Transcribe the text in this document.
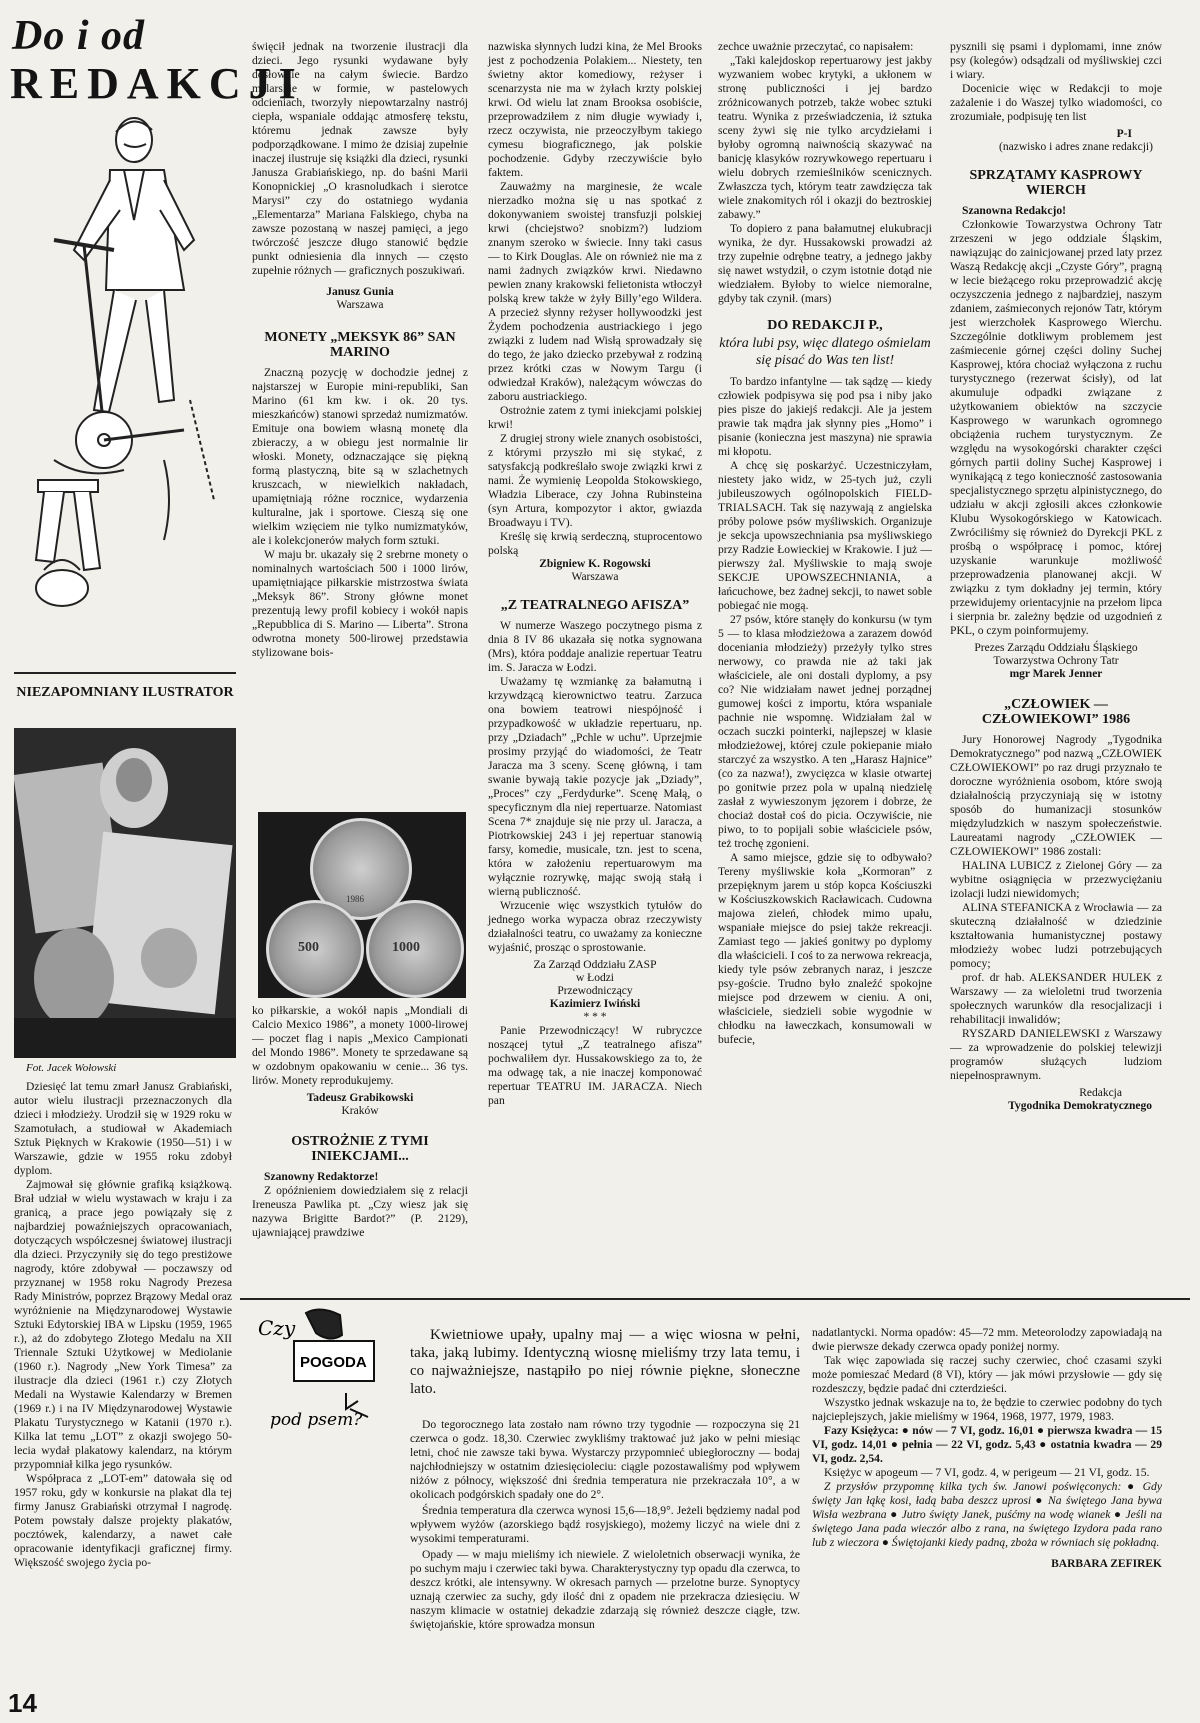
Do i od
REDAKCJI
NIEZAPOMNIANY ILUSTRATOR
Fot. Jacek Wołowski

Dziesięć lat temu zmarł Janusz Grabiański, autor wielu ilustracji przeznaczonych dla dzieci i młodzieży. Urodził się w 1929 roku w Szamotułach, a studiował w Akademiach Sztuk Pięknych w Krakowie (1950—51) i w Warszawie, gdzie w 1955 roku zdobył dyplom.

Zajmował się głównie grafiką książkową. Brał udział w wielu wystawach w kraju i za granicą, a prace jego powiązały się z najbardziej powaźniejszych opracowaniach, dotyczących współczesnej światowej ilustracji dla dzieci. Przyczyniły się do tego prestiżowe nagrody, które zdobywał — poczawszy od przyznanej w 1958 roku Nagrody Prezesa Rady Ministrów, poprzez Brązowy Medal oraz wyróżnienie na Międzynarodowej Wystawie Sztuki Edytorskiej IBA w Lipsku (1959, 1965 r.), aż do zdobytego Złotego Medalu na XII Triennale Sztuki Użytkowej w Mediolanie (1960 r.). Nagrody „New York Timesa” za ilustracje dla dzieci (1961 r.) czy Złotych Medali na Wystawie Kalendarzy w Bremen (1969 r.) i na IV Międzynarodowej Wystawie Plakatu Turystycznego w Katanii (1970 r.). Kilka lat temu „LOT” z okazji swojego 50-lecia wydał plakatowy kalendarz, na którym przypomniał kilka jego rysunków.

Współpraca z „LOT-em” datowała się od 1957 roku, gdy w konkursie na plakat dla tej firmy Janusz Grabiański otrzymał I nagrodę. Potem powstały dalsze projekty plakatów, pocztówek, kalendarzy, a nawet całe opracowanie identyfikacji graficznej firmy. Większość swojego życia po-

14

święcił jednak na tworzenie ilustracji dla dzieci. Jego rysunki wydawane były dosłownie na całym świecie. Bardzo malarskie w formie, w pastelowych odcieniach, tworzyły niepowtarzalny nastrój ciepła, wspaniale oddając atmosferę tekstu, któremu jednak zawsze były podporządkowane. I mimo że dzisiaj zupełnie inaczej ilustruje się książki dla dzieci, rysunki Janusza Grabiańskiego, np. do baśni Marii Konopnickiej „O krasnoludkach i sierotce Marysi” czy do ostatniego wydania „Elementarza” Mariana Falskiego, chyba na zawsze pozostaną w naszej pamięci, a jego twórczość jeszcze długo stanowić będzie punkt odniesienia dla innych — często zupełnie różnych — graficznych poszukiwań.

Janusz Gunia
Warszawa
MONETY „MEKSYK 86” SAN MARINO

Znaczną pozycję w dochodzie jednej z najstarszej w Europie mini-republiki, San Marino (61 km kw. i ok. 20 tys. mieszkańców) stanowi sprzedaż numizmatów. Emituje ona bowiem własną monetę dla zbieraczy, a w obiegu jest normalnie lir włoski. Monety, odznaczające się piękną formą plastyczną, bite są w szlachetnych kruszcach, w niewielkich nakładach, upamiętniają różne rocznice, wydarzenia kulturalne, jak i sportowe. Cieszą się one wielkim wzięciem nie tylko numizmatyków, ale i kolekcjonerów małych form sztuki.

W maju br. ukazały się 2 srebrne monety o nominalnych wartościach 500 i 1000 lirów, upamiętniające piłkarskie mistrzostwa świata „Meksyk 86”. Strony główne monet prezentują lewy profil kobiecy i wokół napis „Repubblica di S. Marino — Liberta”. Strona odwrotna monety 500-lirowej przedstawia stylizowane bois-

1986
500	1000

ko piłkarskie, a wokół napis „Mondiali di Calcio Mexico 1986”, a monety 1000-lirowej — poczet flag i napis „Mexico Campionati del Mondo 1986”. Monety te sprzedawane są w ozdobnym opakowaniu w cenie... 36 tys. lirów. Monety reprodukujemy.

Tadeusz Grabikowski
Kraków
OSTROŻNIE Z TYMI INIEKCJAMI...
Szanowny Redaktorze!

Z opóźnieniem dowiedziałem się z relacji Ireneusza Pawlika pt. „Czy wiesz jak się nazywa Brigitte Bardot?” (P. 2129), ujawniającej prawdziwe

nazwiska słynnych ludzi kina, że Mel Brooks jest z pochodzenia Polakiem... Niestety, ten świetny aktor komediowy, reżyser i scenarzysta nie ma w żyłach krzty polskiej krwi. Od wielu lat znam Brooksa osobiście, przeprowadziłem z nim długie wywiady i, rzecz oczywista, nie przeoczyłbym takiego cymesu biograficznego, jak polskie pochodzenie. Gdyby rzeczywiście było faktem.

Zauważmy na marginesie, że wcale nierzadko można się u nas spotkać z dokonywaniem swoistej transfuzji polskiej krwi (chciejstwo? snobizm?) ludziom znanym szeroko w świecie. Inny taki casus — to Kirk Douglas. Ale on również nie ma z nami żadnych związków krwi. Niedawno pewien znany krakowski felietonista wtłoczył polską krew także w żyły Billy’ego Wildera. A przecież słynny reżyser hollywoodzki jest Żydem pochodzenia austriackiego i jego związki z ludem nad Wisłą sprowadzały się do tego, że jako dziecko przebywał z rodziną przez krótki czas w Nowym Targu (i odwiedzał Kraków), należącym wówczas do zaboru austriackiego.

Ostrożnie zatem z tymi iniekcjami polskiej krwi!

Z drugiej strony wiele znanych osobistości, z którymi przyszło mi się stykać, z satysfakcją podkreślało swoje związki krwi z nami. Że wymienię Leopolda Stokowskiego, Władzia Liberace, czy Johna Rubinsteina (syn Artura, kompozytor i aktor, gwiazda Broadwayu i TV).

Kreślę się krwią serdeczną, stuprocentowo polską

Zbigniew K. Rogowski
Warszawa
„Z TEATRALNEGO AFISZA”

W numerze Waszego poczytnego pisma z dnia 8 IV 86 ukazała się notka sygnowana (Mrs), która poddaje analizie repertuar Teatru im. S. Jaracza w Łodzi.

Uważamy tę wzmiankę za bałamutną i krzywdzącą kierownictwo teatru. Zarzuca ona bowiem teatrowi niespójność i przypadkowość w układzie repertuaru, np. przy „Dziadach” „Pchle w uchu”. Uprzejmie prosimy przyjąć do wiadomości, że Teatr Jaracza ma 3 sceny. Scenę główną, i tam swanie bywają takie pozycje jak „Dziady”, „Proces” czy „Ferdydurke”. Scenę Małą, o specyficznym dla niej repertuarze. Natomiast Scena 7* znajduje się nie przy ul. Jaracza, a Piotrkowskiej 243 i jej repertuar stanowią farsy, komedie, musicale, tzn. jest to scena, która w założeniu repertuarowym ma wyłącznie rozrywkę, mając swoją stałą i wierną publiczność.

Wrzucenie więc wszystkich tytułów do jednego worka wypacza obraz rzeczywisty działalności teatru, co uważamy za konieczne wyjaśnić, prosząc o sprostowanie.

Za Zarząd Oddziału ZASP
w Łodzi
Przewodniczący
Kazimierz Iwiński
* * *

Panie Przewodniczący! W rubryczce noszącej tytuł „Z teatralnego afisza” pochwaliłem dyr. Hussakowskiego za to, że ma odwagę tak, a nie inaczej komponować repertuar TEATRU IM. JARACZA. Niech pan

zechce uważnie przeczytać, co napisałem:

„Taki kalejdoskop repertuarowy jest jakby wyzwaniem wobec krytyki, a ukłonem w stronę publiczności i jej bardzo zróżnicowanych potrzeb, także wobec sztuki teatru. Wynika z przeświadczenia, iż sztuka sceny żywi się nie tylko arcydziełami i byłoby ogromną naiwnością skazywać na banicję klasyków rozrywkowego repertuaru i wielu dobrych rzemieślników scenicznych. Zwłaszcza tych, którym teatr zawdzięcza tak wiele znakomitych ról i okazji do beztroskiej zabawy.”

To dopiero z pana bałamutnej elukubracji wynika, że dyr. Hussakowski prowadzi aż trzy zupełnie odrębne teatry, a jednego jakby się nawet wstydził, o czym istotnie dotąd nie wiedziałem. Byłoby to wielce niemoralne, gdyby tak czynił. (mars)

DO REDAKCJI P.,
która lubi psy, więc dlatego ośmielam się pisać do Was ten list!

To bardzo infantylne — tak sądzę — kiedy człowiek podpisywa się pod psa i niby jako pies pisze do jakiejś redakcji. Ale ja jestem prawie tak mądra jak słynny pies „Homo” i pisanie (konieczna jest maszyna) nie sprawia mi kłopotu.

A chcę się poskarżyć. Uczestniczyłam, niestety jako widz, w 25-tych już, czyli jubileuszowych ogólnopolskich FIELD-TRIALSACH. Tak się nazywają z angielska próby polowe psów myśliwskich. Organizuje je sekcja upowszechniania psa myśliwskiego przy Radzie Łowieckiej w Krakowie. I już — pierwszy żal. Myśliwskie to mają swoje SEKCJE UPOWSZECHNIANIA, a łańcuchowe, bez żadnej sekcji, to nawet soble pobiegać nie mogą.

27 psów, które stanęły do konkursu (w tym 5 — to klasa młodzieżowa a zarazem dowód doceniania młodzieży) przeżyły tylko stres nerwowy, co prawda nie aż taki jak właściciele, ale oni dostali dyplomy, a psy co? Nie widziałam nawet jednej porządnej gumowej kości z importu, która wspaniale pachnie nie wspomnę. Widziałam żal w oczach suczki pointerki, najlepszej w klasie młodzieżowej, której czule pokiepanie miało starczyć za wszystko. A ten „Harasz Hajnice” (co za nazwa!), zwycięzca w klasie otwartej po gonitwie przez pola w upalną niedzielę zasłał z wywieszonym jęzorem i dobrze, że chociaż dostał coś do picia. Oczywiście, nie piwo, to to popijali sobie właściciele psów, też trochę zgonieni.

A samo miejsce, gdzie się to odbywało? Tereny myśliwskie koła „Kormoran” z przepięknym jarem u stóp kopca Kościuszki w Kościuszkowskich Racławicach. Cudowna majowa zieleń, chłodek mimo upału, wspaniałe miejsce do psiej także rekreacji. Zamiast tego — jakieś gonitwy po dyplomy dla właścicieli. I coś to za nerwowa rekreacja, kiedy tyle psów zebranych naraz, i jeszcze psy-goście. Trudno było znaleźć spokojne miejsce pod drzewem w cieniu. A oni, właściciele, siedzieli sobie wygodnie w chłodku na ławeczkach, konsumowali w bufecie,

pysznili się psami i dyplomami, inne znów psy (kolegów) odsądzali od myśliwskiej czci i wiary.

Docenicie więc w Redakcji to moje zażalenie i do Waszej tylko wiadomości, co zrozumiałe, podpisuję ten list

P-I
(nazwisko i adres znane redakcji)
SPRZĄTAMY KASPROWY WIERCH
Szanowna Redakcjo!

Członkowie Towarzystwa Ochrony Tatr zrzeszeni w jego oddziale Śląskim, nawiązując do zainicjowanej przed laty przez Waszą Redakcję akcji „Czyste Góry”, pragną w lecie bieżącego roku przeprowadzić akcję oczyszczenia jednego z najbardziej, naszym zdaniem, zaśmieconych rejonów Tatr, którym jest wierzchołek Kasprowego Wierchu. Szczególnie dotkliwym problemem jest zaśmiecenie górnej części doliny Suchej Kasprowej, która chociaż wyłączona z ruchu turystycznego (rezerwat ścisły), od lat akumuluje odpadki związane z użytkowaniem obiektów na szczycie Kasprowego w warunkach ogromnego obciążenia ruchem turystycznym. Ze względu na wysokogórski charakter części górnych partii doliny Suchej Kasprowej i wynikającą z tego konieczność zastosowania specjalistycznego sprzętu alpinistycznego, do udziału w akcji zgłosili akces członkowie Klubu Wysokogórskiego w Katowicach. Zwróciliśmy się również do Dyrekcji PKL z prośbą o współpracę i pomoc, której uzyskanie warunkuje możliwość przeprowadzenia planowanej akcji. W związku z tym dokładny jej termin, który przewidujemy orientacyjnie na przełom lipca i sierpnia br. zależny będzie od uzgodnień z PKL, o czym poinformujemy.

Prezes Zarządu Oddziału Śląskiego Towarzystwa Ochrony Tatr
mgr Marek Jenner
„CZŁOWIEK — CZŁOWIEKOWI” 1986

Jury Honorowej Nagrody „Tygodnika Demokratycznego” pod nazwą „CZŁOWIEK CZŁOWIEKOWI” po raz drugi przyznało te doroczne wyróżnienia osobom, które swoją działalnością przyczyniają się w istotny sposób do humanizacji stosunków międzyludzkich w naszym społeczeństwie. Laureatami nagrody „CZŁOWIEK — CZŁOWIEKOWI” 1986 zostali:

HALINA LUBICZ z Zielonej Góry — za wybitne osiągnięcia w przezwyciężaniu izolacji ludzi niewidomych;

ALINA STEFANICKA z Wrocławia — za skuteczną działalność w dziedzinie kształtowania humanistycznej postawy młodzieży wobec ludzi potrzebujących pomocy;

prof. dr hab. ALEKSANDER HULEK z Warszawy — za wieloletni trud tworzenia społecznych warunków dla resocjalizacji i rehabilitacji inwalidów;

RYSZARD DANIELEWSKI z Warszawy — za wprowadzenie do polskiej telewizji programów służących ludziom niepełnosprawnym.

Redakcja
Tygodnika Demokratycznego
Czy
POGODA
pod psem?
Kwietniowe upały, upalny maj — a więc wiosna w pełni, taka, jaką lubimy. Identyczną wiosnę mieliśmy trzy lata temu, i co najważniejsze, nastąpiło po niej równie piękne, słoneczne lato.

Do tegorocznego lata zostało nam równo trzy tygodnie — rozpoczyna się 21 czerwca o godz. 18,30. Czerwiec zwykliśmy traktować już jako w pełni miesiąc letni, choć nie zawsze taki bywa. Wystarczy przypomnieć ubiegłoroczny — bodaj najchłodniejszy w ostatnim dziesięcioleciu: ciągle pozostawaliśmy pod wpływem niżów z północy, większość dni średnia temperatura nie przekraczała 10°, a w okolicach podgórskich spadały one do 2°.

Średnia temperatura dla czerwca wynosi 15,6—18,9°. Jeżeli będziemy nadal pod wpływem wyżów (azorskiego bądź rosyjskiego), możemy liczyć na wiele dni z wysokimi temperaturami.

Opady — w maju mieliśmy ich niewiele. Z wieloletnich obserwacji wynika, że po suchym maju i czerwiec taki bywa. Charakterystyczny typ opadu dla czerwca, to deszcz krótki, ale intensywny. W okresach parnych — przelotne burze. Synoptycy uznają czerwiec za suchy, gdy ilość dni z opadem nie przekracza dziesięciu. W naszym klimacie w ostatniej dekadzie zdarzają się również deszcze ciągłe, tzw. świętojańskie, które sprowadza monsun

nadatlantycki. Norma opadów: 45—72 mm. Meteorolodzy zapowiadają na dwie pierwsze dekady czerwca opady poniżej normy.

Tak więc zapowiada się raczej suchy czerwiec, choć czasami szyki może pomieszać Medard (8 VI), który — jak mówi przysłowie — gdy się rozdeszczy, będzie padać dni czterdzieści.

Wszystko jednak wskazuje na to, że będzie to czerwiec podobny do tych najcieplejszych, jakie mieliśmy w 1964, 1968, 1977, 1979, 1983.

Fazy Księżyca: ● nów — 7 VI, godz. 16,01 ● pierwsza kwadra — 15 VI, godz. 14,01 ● pełnia — 22 VI, godz. 5,43 ● ostatnia kwadra — 29 VI, godz. 2,54.

Księżyc w apogeum — 7 VI, godz. 4, w perigeum — 21 VI, godz. 15.

Z przysłów przypomnę kilka tych św. Janowi poświęconych: ● Gdy święty Jan łąkę kosi, ładą baba deszcz uprosi ● Na świętego Jana bywa Wisła wezbrana ● Jutro święty Janek, puśćmy na wodę wianek ● Jeśli na świętego Jana pada wieczór albo z rana, na świętego Izydora pada rano lub z wieczora ● Świętojanki kiedy padną, zboża w równiach się pokładną.

BARBARA ZEFIREK
